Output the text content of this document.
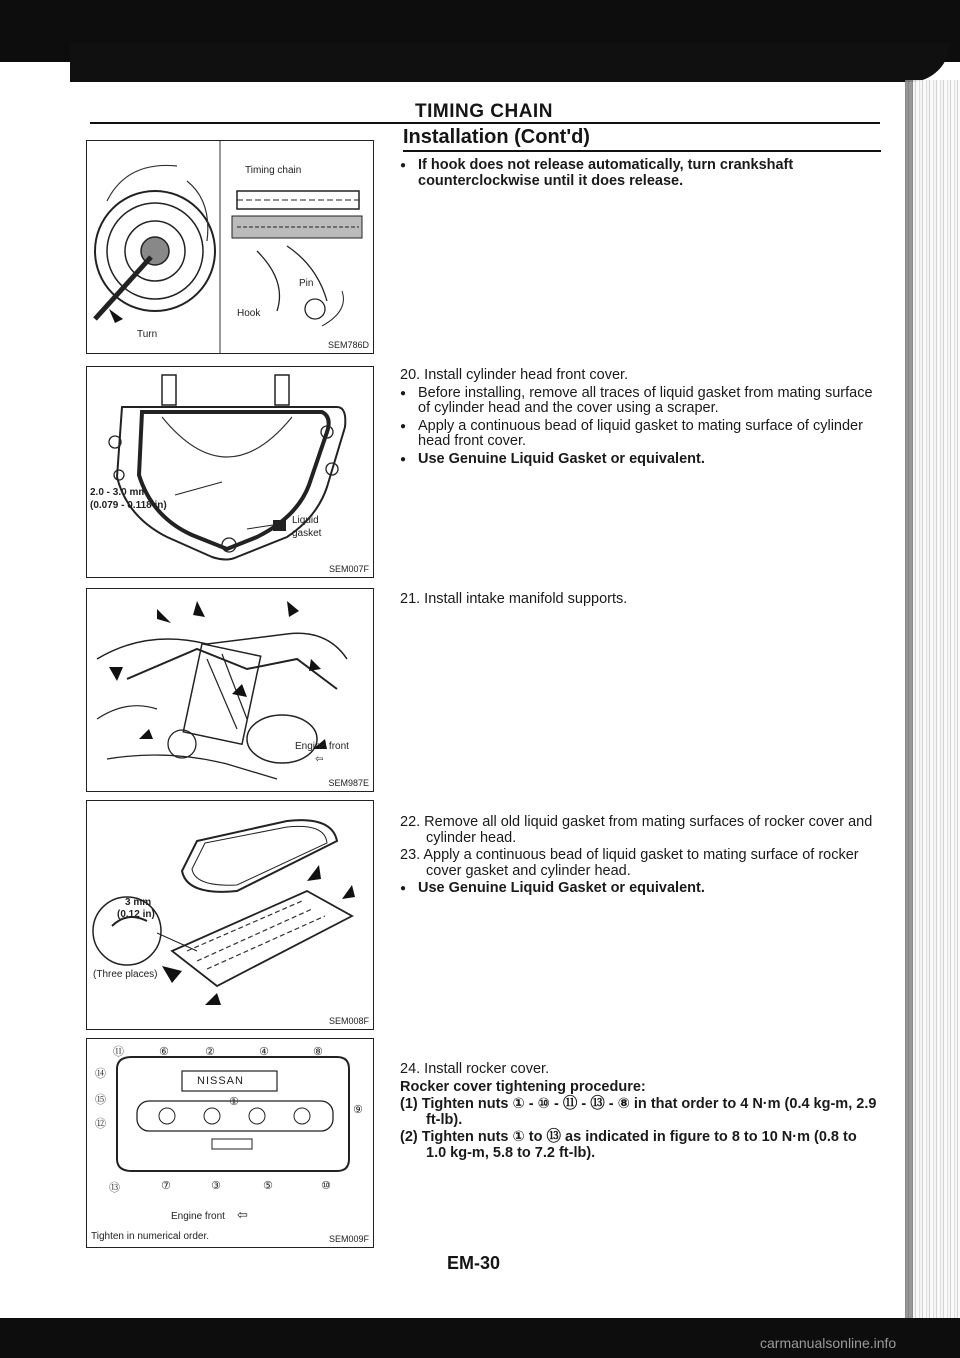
TIMING CHAIN
Installation (Cont'd)
Turn
Timing chain
Pin
Hook
SEM786D
2.0 - 3.0 mm
(0.079 - 0.118 in)
Liquid
gasket
SEM007F
Engine front
⇦
SEM987E
3 mm
(0.12 in)
(Three places)
SEM008F
NISSAN
⑪
⑭
⑮
⑫
⑥	②	④	⑧
⑨
①
⑬	⑦	③	⑤	⑩
Engine front ⇦
Tighten in numerical order.	SEM009F

● If hook does not release automatically, turn crankshaft counterclockwise until it does release.

20. Install cylinder head front cover.

● Before installing, remove all traces of liquid gasket from mating surface of cylinder head and the cover using a scraper.

● Apply a continuous bead of liquid gasket to mating surface of cylinder head front cover.

● Use Genuine Liquid Gasket or equivalent.

21. Install intake manifold supports.

22. Remove all old liquid gasket from mating surfaces of rocker cover and cylinder head.

23. Apply a continuous bead of liquid gasket to mating surface of rocker cover gasket and cylinder head.

● Use Genuine Liquid Gasket or equivalent.

24. Install rocker cover.

Rocker cover tightening procedure:

(1) Tighten nuts ① - ⑩ - ⑪ - ⑬ - ⑧ in that order to 4 N·m (0.4 kg-m, 2.9 ft-lb).

(2) Tighten nuts ① to ⑬ as indicated in figure to 8 to 10 N·m (0.8 to 1.0 kg-m, 5.8 to 7.2 ft-lb).

EM-30
carmanualsonline.info
